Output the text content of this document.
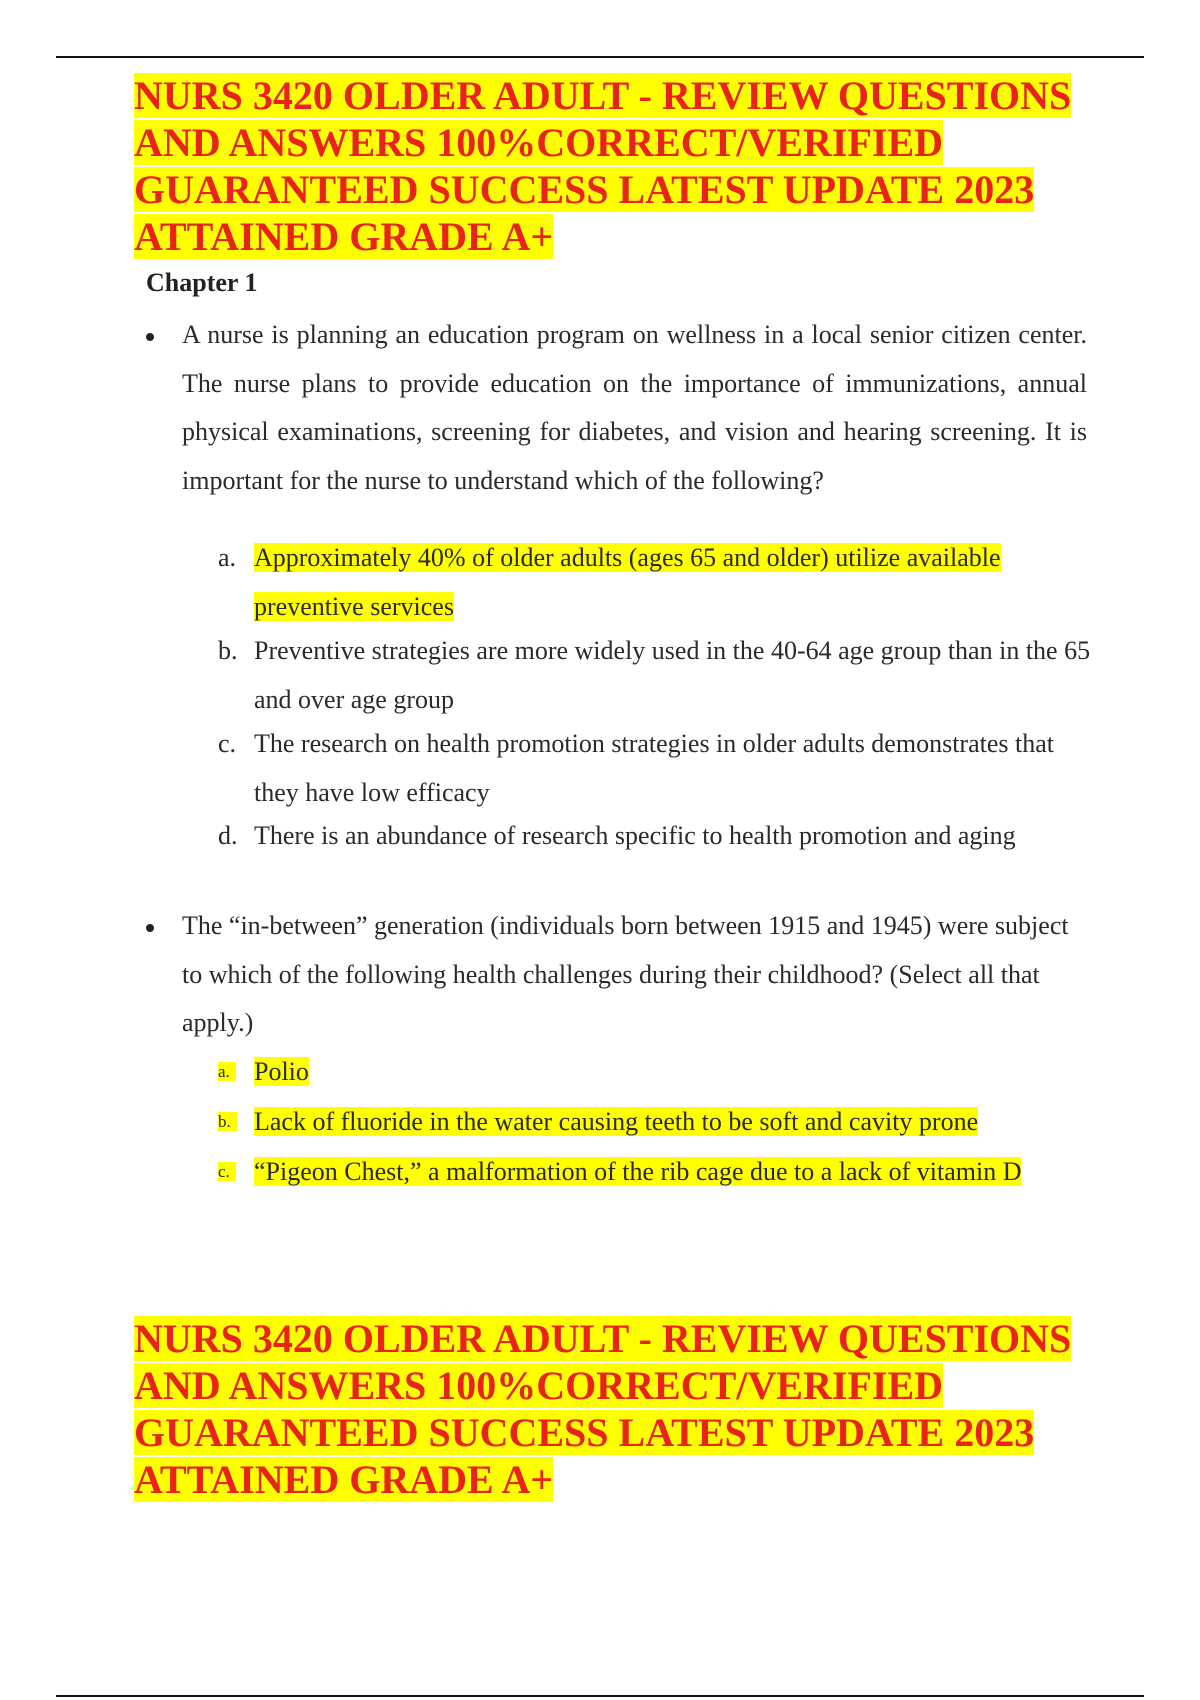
NURS 3420 OLDER ADULT - REVIEW QUESTIONS AND ANSWERS 100%CORRECT/VERIFIED GUARANTEED SUCCESS LATEST UPDATE 2023 ATTAINED GRADE A+
Chapter 1

A nurse is planning an education program on wellness in a local senior citizen center. The nurse plans to provide education on the importance of immunizations, annual physical examinations, screening for diabetes, and vision and hearing screening. It is important for the nurse to understand which of the following?

a. Approximately 40% of older adults (ages 65 and older) utilize available preventive services
b. Preventive strategies are more widely used in the 40-64 age group than in the 65 and over age group
c. The research on health promotion strategies in older adults demonstrates that they have low efficacy
d. There is an abundance of research specific to health promotion and aging

The “in-between” generation (individuals born between 1915 and 1945) were subject to which of the following health challenges during their childhood? (Select all that apply.)

a. Polio
b. Lack of fluoride in the water causing teeth to be soft and cavity prone
c. “Pigeon Chest,” a malformation of the rib cage due to a lack of vitamin D
NURS 3420 OLDER ADULT - REVIEW QUESTIONS AND ANSWERS 100%CORRECT/VERIFIED GUARANTEED SUCCESS LATEST UPDATE 2023 ATTAINED GRADE A+
